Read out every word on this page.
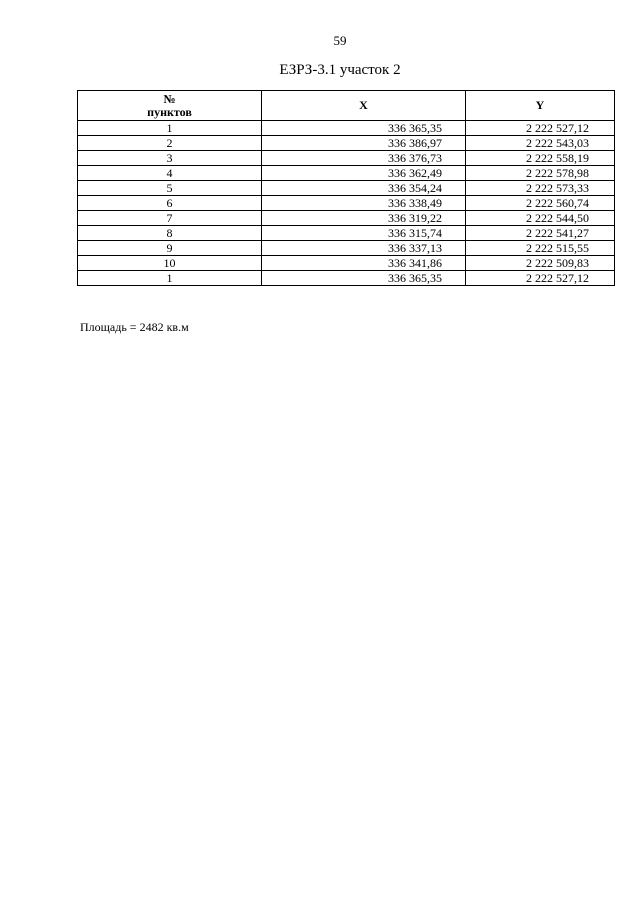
59
ЕЗРЗ-3.1 участок 2
№
пунктов	X	Y
1	336 365,35	2 222 527,12
2	336 386,97	2 222 543,03
3	336 376,73	2 222 558,19
4	336 362,49	2 222 578,98
5	336 354,24	2 222 573,33
6	336 338,49	2 222 560,74
7	336 319,22	2 222 544,50
8	336 315,74	2 222 541,27
9	336 337,13	2 222 515,55
10	336 341,86	2 222 509,83
1	336 365,35	2 222 527,12
Площадь = 2482 кв.м
